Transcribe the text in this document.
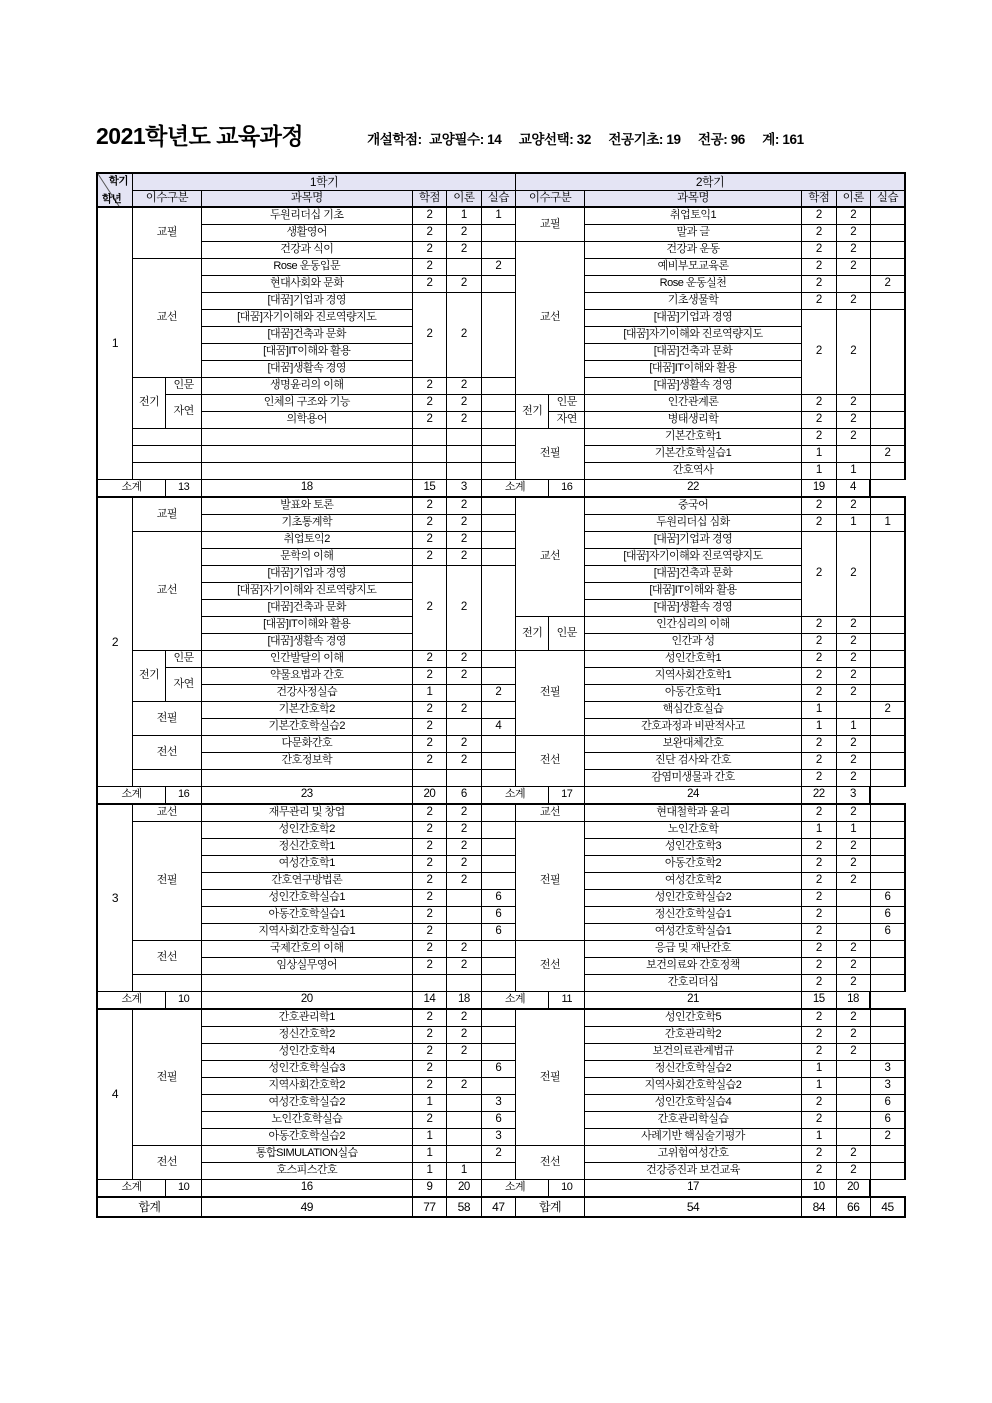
2021학년도 교육과정	개설학점: 교양필수: 14 교양선택: 32 전공기초: 19 전공: 96 계: 161
학기
학년	1학기						2학기					
	이수구분		과목명	학점	이론	실습	이수구분		과목명	학점	이론	실습
1	교필		두원리더십 기초	2	1	1	교필		취업토익1	2	2	
			생활영어	2	2				말과 글	2	2	
			건강과 식이	2	2		교선		건강과 운동	2	2	
	교선		Rose 운동입문	2		2			예비부모교육론	2	2	
			현대사회와 문화	2	2				Rose 운동실천	2		2
			[대꿈]기업과 경영	2	2				기초생물학	2	2	
			[대꿈]자기이해와 진로역량지도						[대꿈]기업과 경영	2	2	
			[대꿈]건축과 문화						[대꿈]자기이해와 진로역량지도			
			[대꿈]IT이해와 활용						[대꿈]건축과 문화			
			[대꿈]생활속 경영						[대꿈]IT이해와 활용			
	전기	인문	생명윤리의 이해	2	2				[대꿈]생활속 경영			
		자연	인체의 구조와 기능	2	2		전기	인문	인간관계론	2	2	
			의학용어	2	2			자연	병태생리학	2	2	
							전필		기본간호학1	2	2	
									기본간호학실습1	1		2
									간호역사	1	1	
소계		13	18	15	3	소계		16	22	19	4	
2	교필		발표와 토론	2	2		교선		중국어	2	2	
			기초통계학	2	2				두원리더십 심화	2	1	1
	교선		취업토익2	2	2				[대꿈]기업과 경영	2	2	
			문학의 이해	2	2				[대꿈]자기이해와 진로역량지도			
			[대꿈]기업과 경영	2	2				[대꿈]건축과 문화			
			[대꿈]자기이해와 진로역량지도						[대꿈]IT이해와 활용			
			[대꿈]건축과 문화						[대꿈]생활속 경영			
			[대꿈]IT이해와 활용				전기	인문	인간심리의 이해	2	2	
			[대꿈]생활속 경영						인간과 성	2	2	
	전기	인문	인간발달의 이해	2	2		전필		성인간호학1	2	2	
		자연	약물요법과 간호	2	2				지역사회간호학1	2	2	
			건강사정실습	1		2			아동간호학1	2	2	
	전필		기본간호학2	2	2				핵심간호실습	1		2
			기본간호학실습2	2		4			간호과정과 비판적사고	1	1	
	전선		다문화간호	2	2		전선		보완대체간호	2	2	
			간호정보학	2	2				진단 검사와 간호	2	2	
									감염미생물과 간호	2	2	
소계		16	23	20	6	소계		17	24	22	3	
3	교선		재무관리 및 창업	2	2		교선		현대철학과 윤리	2	2	
	전필		성인간호학2	2	2		전필		노인간호학	1	1	
			정신간호학1	2	2				성인간호학3	2	2	
			여성간호학1	2	2				아동간호학2	2	2	
			간호연구방법론	2	2				여성간호학2	2	2	
			성인간호학실습1	2		6			성인간호학실습2	2		6
			아동간호학실습1	2		6			정신간호학실습1	2		6
			지역사회간호학실습1	2		6			여성간호학실습1	2		6
	전선		국제간호의 이해	2	2		전선		응급 및 재난간호	2	2	
			임상실무영어	2	2				보건의료와 간호정책	2	2	
									간호리더십	2	2	
소계		10	20	14	18	소계		11	21	15	18	
4	전필		간호관리학1	2	2		전필		성인간호학5	2	2	
			정신간호학2	2	2				간호관리학2	2	2	
			성인간호학4	2	2				보건의료관계법규	2	2	
			성인간호학실습3	2		6			정신간호학실습2	1		3
			지역사회간호학2	2	2				지역사회간호학실습2	1		3
			여성간호학실습2	1		3			성인간호학실습4	2		6
			노인간호학실습	2		6			간호관리학실습	2		6
			아동간호학실습2	1		3			사례기반 핵심술기평가	1		2
	전선		통합SIMULATION실습	1		2	전선		고위험여성간호	2	2	
			호스피스간호	1	1				건강증진과 보건교육	2	2	
소계		10	16	9	20	소계		10	17	10	20	
합계			49	77	58	47	합계		54	84	66	45
